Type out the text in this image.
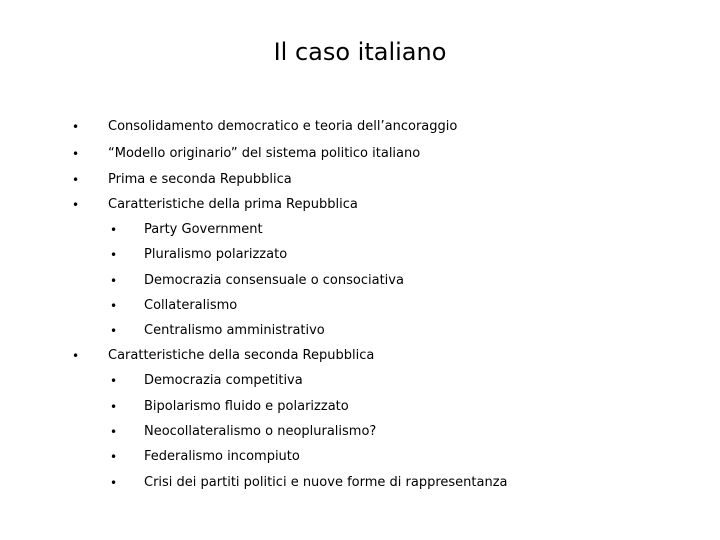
Il caso italiano
• Consolidamento democratico e teoria dell’ancoraggio
• “Modello originario” del sistema politico italiano
• Prima e seconda Repubblica
• Caratteristiche della prima Repubblica
• Party Government
• Pluralismo polarizzato
• Democrazia consensuale o consociativa
• Collateralismo
• Centralismo amministrativo
• Caratteristiche della seconda Repubblica
• Democrazia competitiva
• Bipolarismo fluido e polarizzato
• Neocollateralismo o neopluralismo?
• Federalismo incompiuto
• Crisi dei partiti politici e nuove forme di rappresentanza
